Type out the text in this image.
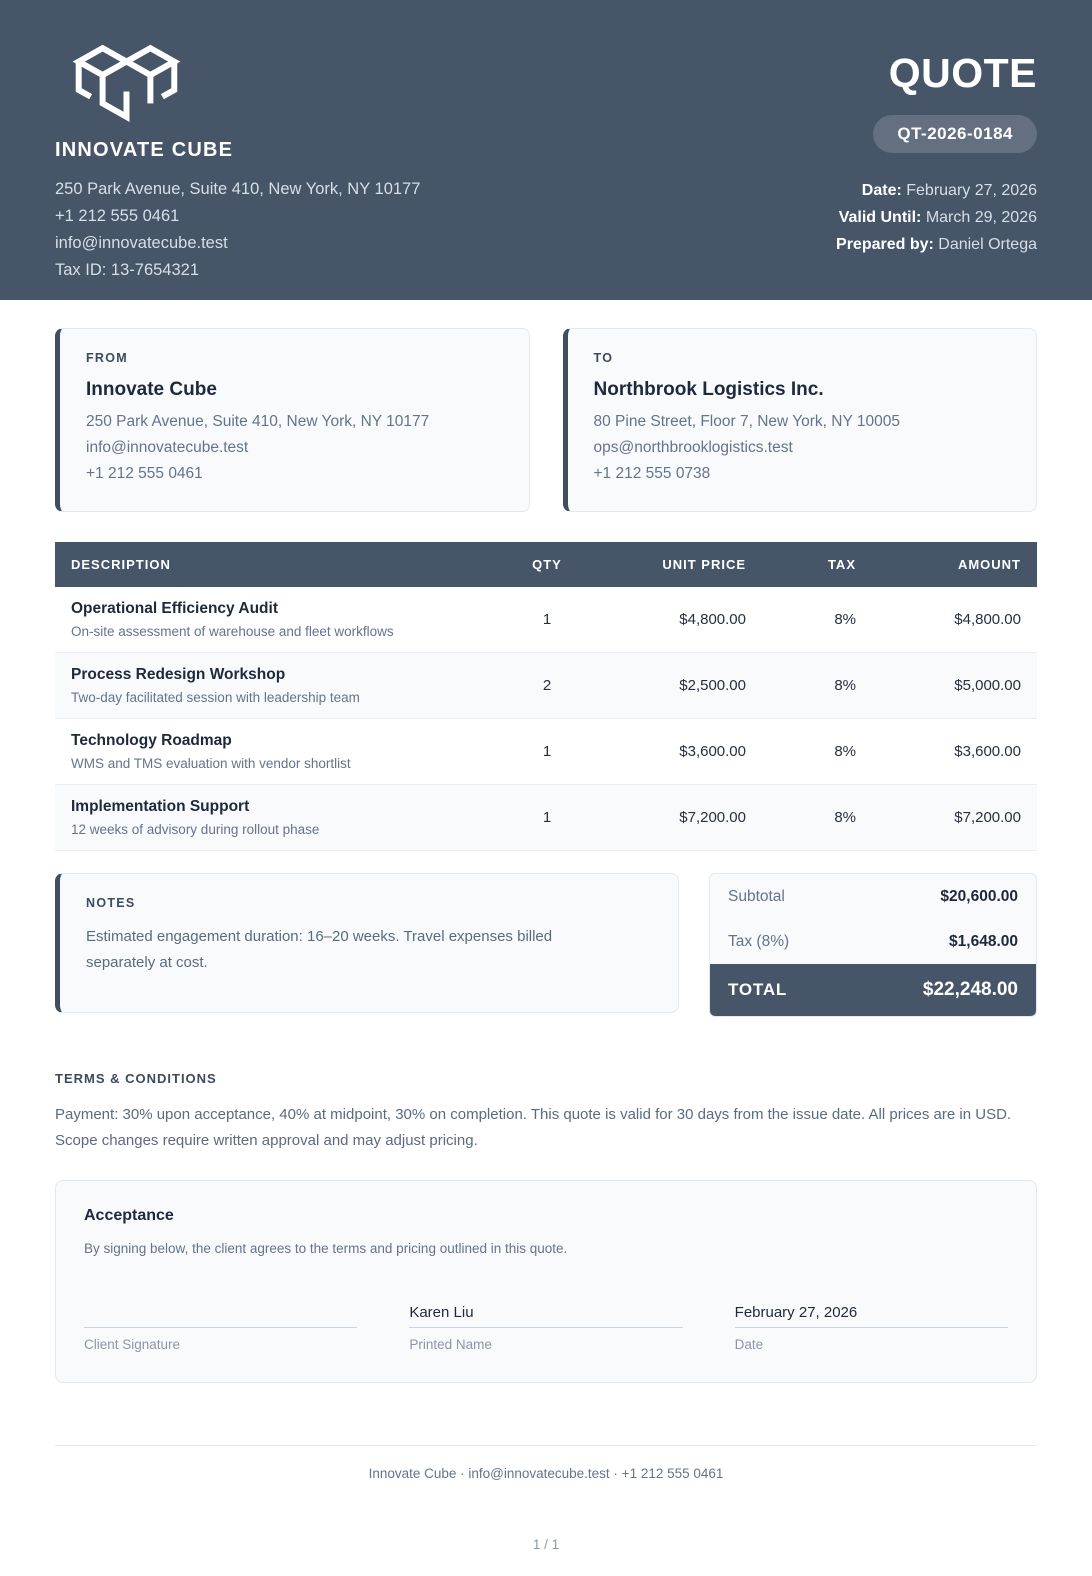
INNOVATE CUBE
250 Park Avenue, Suite 410, New York, NY 10177
+1 212 555 0461
info@innovatecube.test
Tax ID: 13-7654321
QUOTE
QT-2026-0184
Date: February 27, 2026
Valid Until: March 29, 2026
Prepared by: Daniel Ortega
FROM
Innovate Cube
250 Park Avenue, Suite 410, New York, NY 10177
info@innovatecube.test
+1 212 555 0461
TO
Northbrook Logistics Inc.
80 Pine Street, Floor 7, New York, NY 10005
ops@northbrooklogistics.test
+1 212 555 0738
DESCRIPTION	QTY	UNIT PRICE	TAX	AMOUNT

Operational Efficiency Audit
On-site assessment of warehouse and fleet workflows	1	$4,800.00	8%	$4,800.00

Process Redesign Workshop
Two-day facilitated session with leadership team	2	$2,500.00	8%	$5,000.00

Technology Roadmap
WMS and TMS evaluation with vendor shortlist	1	$3,600.00	8%	$3,600.00

Implementation Support
12 weeks of advisory during rollout phase	1	$7,200.00	8%	$7,200.00
NOTES
Estimated engagement duration: 16–20 weeks. Travel expenses billed separately at cost.
Subtotal	$20,600.00
Tax (8%)	$1,648.00
TOTAL	$22,248.00
TERMS & CONDITIONS
Payment: 30% upon acceptance, 40% at midpoint, 30% on completion. This quote is valid for 30 days from the issue date. All prices are in USD. Scope changes require written approval and may adjust pricing.
Acceptance
By signing below, the client agrees to the terms and pricing outlined in this quote.
Client Signature
Karen Liu
Printed Name
February 27, 2026
Date
Innovate Cube · info@innovatecube.test · +1 212 555 0461
1 / 1
